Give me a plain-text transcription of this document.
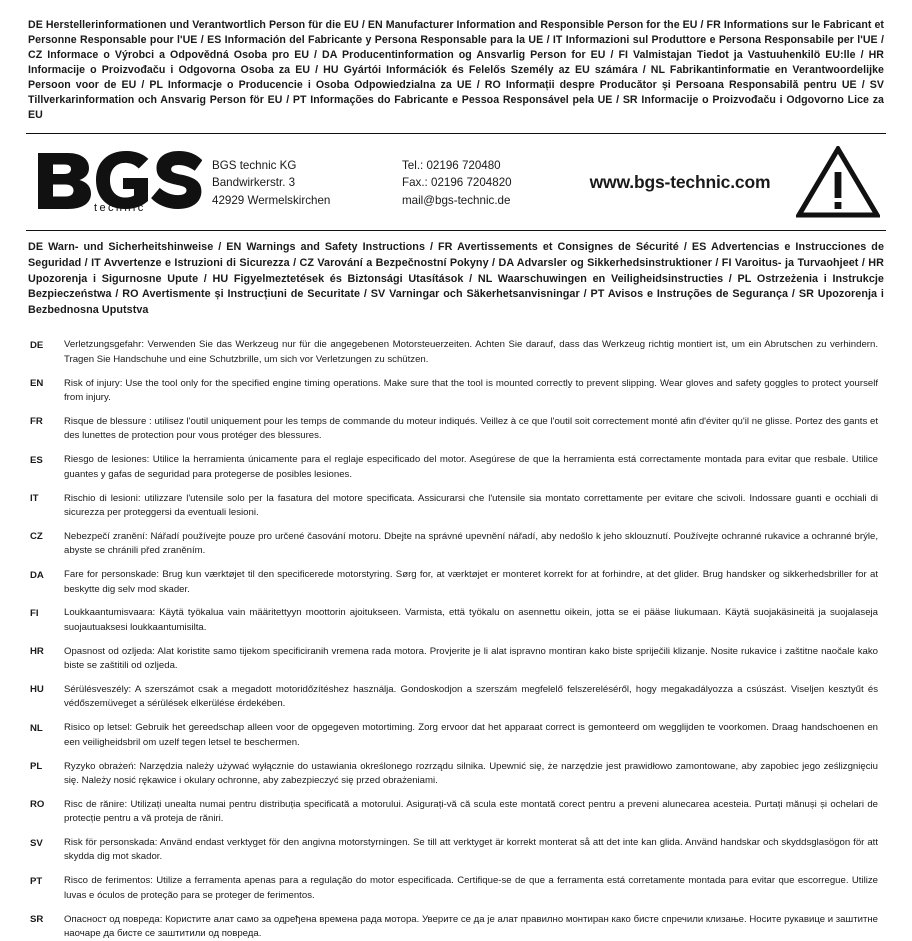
DE Herstellerinformationen und Verantwortlich Person für die EU / EN Manufacturer Information and Responsible Person for the EU / FR Informations sur le Fabricant et Personne Responsable pour l'UE / ES Información del Fabricante y Persona Responsable para la UE / IT Informazioni sul Produttore e Persona Responsabile per l'UE / CZ Informace o Výrobci a Odpovědná Osoba pro EU / DA Producentinformation og Ansvarlig Person for EU / FI Valmistajan Tiedot ja Vastuuhenkilö EU:lle / HR Informacije o Proizvođaču i Odgovorna Osoba za EU / HU Gyártói Információk és Felelős Személy az EU számára / NL Fabrikantinformatie en Verantwoordelijke Persoon voor de EU / PL Informacje o Producencie i Osoba Odpowiedzialna za UE / RO Informații despre Producător și Persoana Responsabilă pentru UE / SV Tillverkarinformation och Ansvarig Person för EU / PT Informações do Fabricante e Pessoa Responsável pela UE / SR Informacije o Proizvođaču i Odgovorno Lice za EU

technic
BGS technic KG
Bandwirkerstr. 3
42929 Wermelskirchen
Tel.: 02196 720480
Fax.: 02196 7204820
mail@bgs-technic.de
www.bgs-technic.com

DE Warn- und Sicherheitshinweise / EN Warnings and Safety Instructions / FR Avertissements et Consignes de Sécurité / ES Advertencias e Instrucciones de Seguridad / IT Avvertenze e Istruzioni di Sicurezza / CZ Varování a Bezpečnostní Pokyny / DA Advarsler og Sikkerhedsinstruktioner / FI Varoitus- ja Turvaohjeet / HR Upozorenja i Sigurnosne Upute / HU Figyelmeztetések és Biztonsági Utasítások / NL Waarschuwingen en Veiligheidsinstructies / PL Ostrzeżenia i Instrukcje Bezpieczeństwa / RO Avertismente și Instrucțiuni de Securitate / SV Varningar och Säkerhetsanvisningar / PT Avisos e Instruções de Segurança / SR Upozorenja i Bezbednosna Uputstva

DE	Verletzungsgefahr: Verwenden Sie das Werkzeug nur für die angegebenen Motorsteuerzeiten. Achten Sie darauf, dass das Werkzeug richtig montiert ist, um ein Abrutschen zu verhindern. Tragen Sie Handschuhe und eine Schutzbrille, um sich vor Verletzungen zu schützen.
EN	Risk of injury: Use the tool only for the specified engine timing operations. Make sure that the tool is mounted correctly to prevent slipping. Wear gloves and safety goggles to protect yourself from injury.
FR	Risque de blessure : utilisez l'outil uniquement pour les temps de commande du moteur indiqués. Veillez à ce que l'outil soit correctement monté afin d'éviter qu'il ne glisse. Portez des gants et des lunettes de protection pour vous protéger des blessures.
ES	Riesgo de lesiones: Utilice la herramienta únicamente para el reglaje especificado del motor. Asegúrese de que la herramienta está correctamente montada para evitar que resbale. Utilice guantes y gafas de seguridad para protegerse de posibles lesiones.
IT	Rischio di lesioni: utilizzare l'utensile solo per la fasatura del motore specificata. Assicurarsi che l'utensile sia montato correttamente per evitare che scivoli. Indossare guanti e occhiali di sicurezza per proteggersi da eventuali lesioni.
CZ	Nebezpečí zranění: Nářadí používejte pouze pro určené časování motoru. Dbejte na správné upevnění nářadí, aby nedošlo k jeho sklouznutí. Používejte ochranné rukavice a ochranné brýle, abyste se chránili před zraněním.
DA	Fare for personskade: Brug kun værktøjet til den specificerede motorstyring. Sørg for, at værktøjet er monteret korrekt for at forhindre, at det glider. Brug handsker og sikkerhedsbriller for at beskytte dig selv mod skader.
FI	Loukkaantumisvaara: Käytä työkalua vain määritettyyn moottorin ajoitukseen. Varmista, että työkalu on asennettu oikein, jotta se ei pääse liukumaan. Käytä suojakäsineitä ja suojalaseja suojautuaksesi loukkaantumisilta.
HR	Opasnost od ozljeda: Alat koristite samo tijekom specificiranih vremena rada motora. Provjerite je li alat ispravno montiran kako biste spriječili klizanje. Nosite rukavice i zaštitne naočale kako biste se zaštitili od ozljeda.
HU	Sérülésveszély: A szerszámot csak a megadott motoridőzítéshez használja. Gondoskodjon a szerszám megfelelő felszereléséről, hogy megakadályozza a csúszást. Viseljen kesztyűt és védőszemüveget a sérülések elkerülése érdekében.
NL	Risico op letsel: Gebruik het gereedschap alleen voor de opgegeven motortiming. Zorg ervoor dat het apparaat correct is gemonteerd om wegglijden te voorkomen. Draag handschoenen en een veiligheidsbril om uzelf tegen letsel te beschermen.
PL	Ryzyko obrażeń: Narzędzia należy używać wyłącznie do ustawiania określonego rozrządu silnika. Upewnić się, że narzędzie jest prawidłowo zamontowane, aby zapobiec jego ześlizgnięciu się. Należy nosić rękawice i okulary ochronne, aby zabezpieczyć się przed obrażeniami.
RO	Risc de rănire: Utilizați unealta numai pentru distribuția specificată a motorului. Asigurați-vă că scula este montată corect pentru a preveni alunecarea acesteia. Purtați mănuși și ochelari de protecție pentru a vă proteja de răniri.
SV	Risk för personskada: Använd endast verktyget för den angivna motorstyrningen. Se till att verktyget är korrekt monterat så att det inte kan glida. Använd handskar och skyddsglasögon för att skydda dig mot skador.
PT	Risco de ferimentos: Utilize a ferramenta apenas para a regulação do motor especificada. Certifique-se de que a ferramenta está corretamente montada para evitar que escorregue. Utilize luvas e óculos de proteção para se proteger de ferimentos.
SR	Опасност од повреда: Користите алат само за одређена времена рада мотора. Уверите се да је алат правилно монтиран како бисте спречили клизање. Носите рукавице и заштитне наочаре да бисте се заштитили од повреда.
